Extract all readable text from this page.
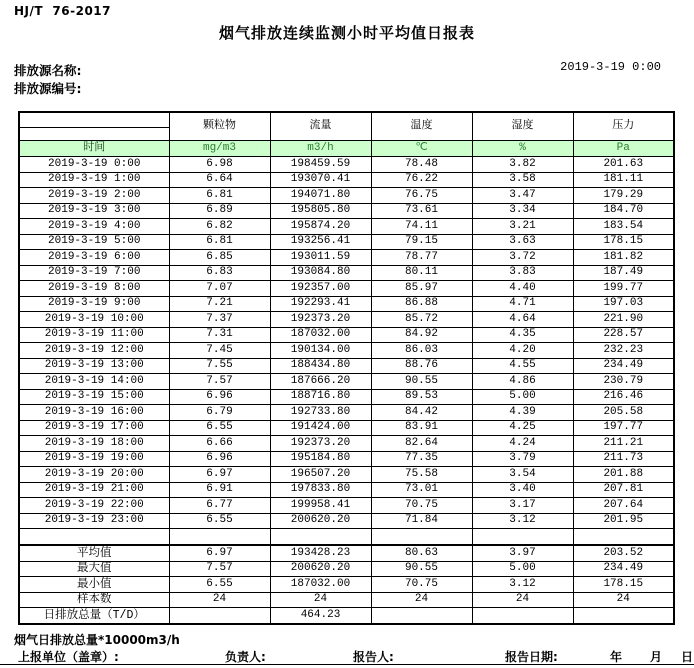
HJ/T  76-2017
烟气排放连续监测小时平均值日报表
排放源名称:
排放源编号:
2019-3-19 0:00
	颗粒物	流量	温度	湿度	压力

时间	mg/m3	m3/h	℃	%	Pa
2019-3-19 0:00	6.98	198459.59	78.48	3.82	201.63
2019-3-19 1:00	6.64	193070.41	76.22	3.58	181.11
2019-3-19 2:00	6.81	194071.80	76.75	3.47	179.29
2019-3-19 3:00	6.89	195805.80	73.61	3.34	184.70
2019-3-19 4:00	6.82	195874.20	74.11	3.21	183.54
2019-3-19 5:00	6.81	193256.41	79.15	3.63	178.15
2019-3-19 6:00	6.85	193011.59	78.77	3.72	181.82
2019-3-19 7:00	6.83	193084.80	80.11	3.83	187.49
2019-3-19 8:00	7.07	192357.00	85.97	4.40	199.77
2019-3-19 9:00	7.21	192293.41	86.88	4.71	197.03
2019-3-19 10:00	7.37	192373.20	85.72	4.64	221.90
2019-3-19 11:00	7.31	187032.00	84.92	4.35	228.57
2019-3-19 12:00	7.45	190134.00	86.03	4.20	232.23
2019-3-19 13:00	7.55	188434.80	88.76	4.55	234.49
2019-3-19 14:00	7.57	187666.20	90.55	4.86	230.79
2019-3-19 15:00	6.96	188716.80	89.53	5.00	216.46
2019-3-19 16:00	6.79	192733.80	84.42	4.39	205.58
2019-3-19 17:00	6.55	191424.00	83.91	4.25	197.77
2019-3-19 18:00	6.66	192373.20	82.64	4.24	211.21
2019-3-19 19:00	6.96	195184.80	77.35	3.79	211.73
2019-3-19 20:00	6.97	196507.20	75.58	3.54	201.88
2019-3-19 21:00	6.91	197833.80	73.01	3.40	207.81
2019-3-19 22:00	6.77	199958.41	70.75	3.17	207.64
2019-3-19 23:00	6.55	200620.20	71.84	3.12	201.95

平均值	6.97	193428.23	80.63	3.97	203.52
最大值	7.57	200620.20	90.55	5.00	234.49
最小值	6.55	187032.00	70.75	3.12	178.15
样本数	24	24	24	24	24
日排放总量（T/D）		464.23			
烟气日排放总量*10000m3/h
上报单位（盖章）:	负责人:	报告人:	报告日期:	年 月 日
